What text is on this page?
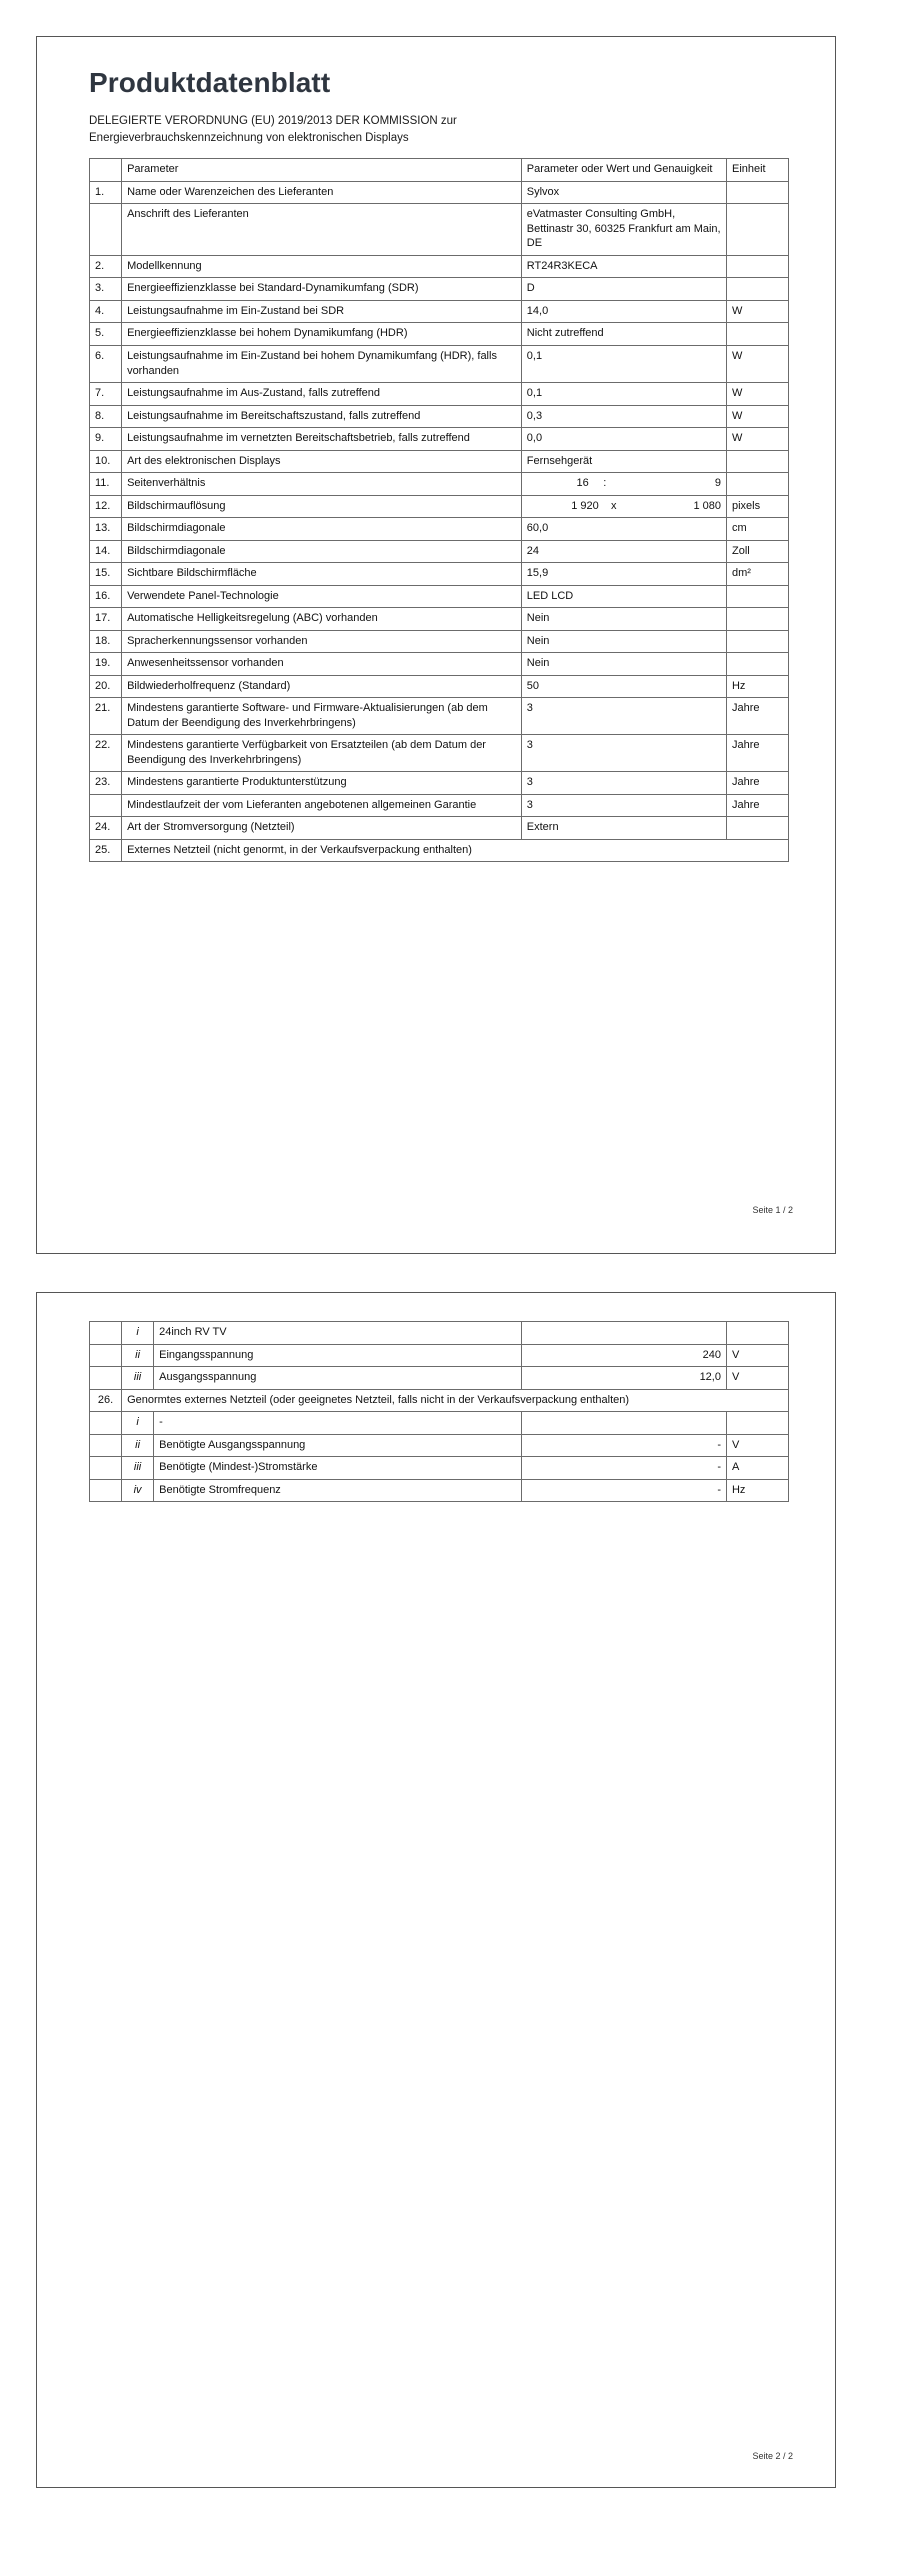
Produktdatenblatt

DELEGIERTE VERORDNUNG (EU) 2019/2013 DER KOMMISSION zur
Energieverbrauchskennzeichnung von elektronischen Displays

	Parameter	Parameter oder Wert und Genauigkeit	Einheit
1.	Name oder Warenzeichen des Lieferanten	Sylvox	
	Anschrift des Lieferanten	eVatmaster Consulting GmbH, Bettinastr 30, 60325 Frankfurt am Main, DE	
2.	Modellkennung	RT24R3KECA	
3.	Energieeffizienzklasse bei Standard-Dynamikumfang (SDR)	D	
4.	Leistungsaufnahme im Ein-Zustand bei SDR	14,0	W
5.	Energieeffizienzklasse bei hohem Dynamikumfang (HDR)	Nicht zutreffend	
6.	Leistungsaufnahme im Ein-Zustand bei hohem Dynamikumfang (HDR), falls vorhanden	0,1	W
7.	Leistungsaufnahme im Aus-Zustand, falls zutreffend	0,1	W
8.	Leistungsaufnahme im Bereitschaftszustand, falls zutreffend	0,3	W
9.	Leistungsaufnahme im vernetzten Bereitschaftsbetrieb, falls zutreffend	0,0	W
10.	Art des elektronischen Displays	Fernsehgerät	
11.	Seitenverhältnis	16 : 9	

12.	Bildschirmauflösung	1 920 x 1 080	pixels
13.	Bildschirmdiagonale	60,0	cm
14.	Bildschirmdiagonale	24	Zoll
15.	Sichtbare Bildschirmfläche	15,9	dm²
16.	Verwendete Panel-Technologie	LED LCD	
17.	Automatische Helligkeitsregelung (ABC) vorhanden	Nein	
18.	Spracherkennungssensor vorhanden	Nein	
19.	Anwesenheitssensor vorhanden	Nein	
20.	Bildwiederholfrequenz (Standard)	50	Hz
21.	Mindestens garantierte Software- und Firmware-Aktualisierungen (ab dem Datum der Beendigung des Inverkehrbringens)	3	Jahre
22.	Mindestens garantierte Verfügbarkeit von Ersatzteilen (ab dem Datum der Beendigung des Inverkehrbringens)	3	Jahre
23.	Mindestens garantierte Produktunterstützung	3	Jahre
	Mindestlaufzeit der vom Lieferanten angebotenen allgemeinen Garantie	3	Jahre
24.	Art der Stromversorgung (Netzteil)	Extern	
25.	Externes Netzteil (nicht genormt, in der Verkaufsverpackung enthalten)		
Seite 1 / 2
	i	24inch RV TV		
	ii	Eingangsspannung	240	V
	iii	Ausgangsspannung	12,0	V
26.	Genormtes externes Netzteil (oder geeignetes Netzteil, falls nicht in der Verkaufsverpackung enthalten)			
	i	-		
	ii	Benötigte Ausgangsspannung	-	V
	iii	Benötigte (Mindest-)Stromstärke	-	A
	iv	Benötigte Stromfrequenz	-	Hz
Seite 2 / 2
